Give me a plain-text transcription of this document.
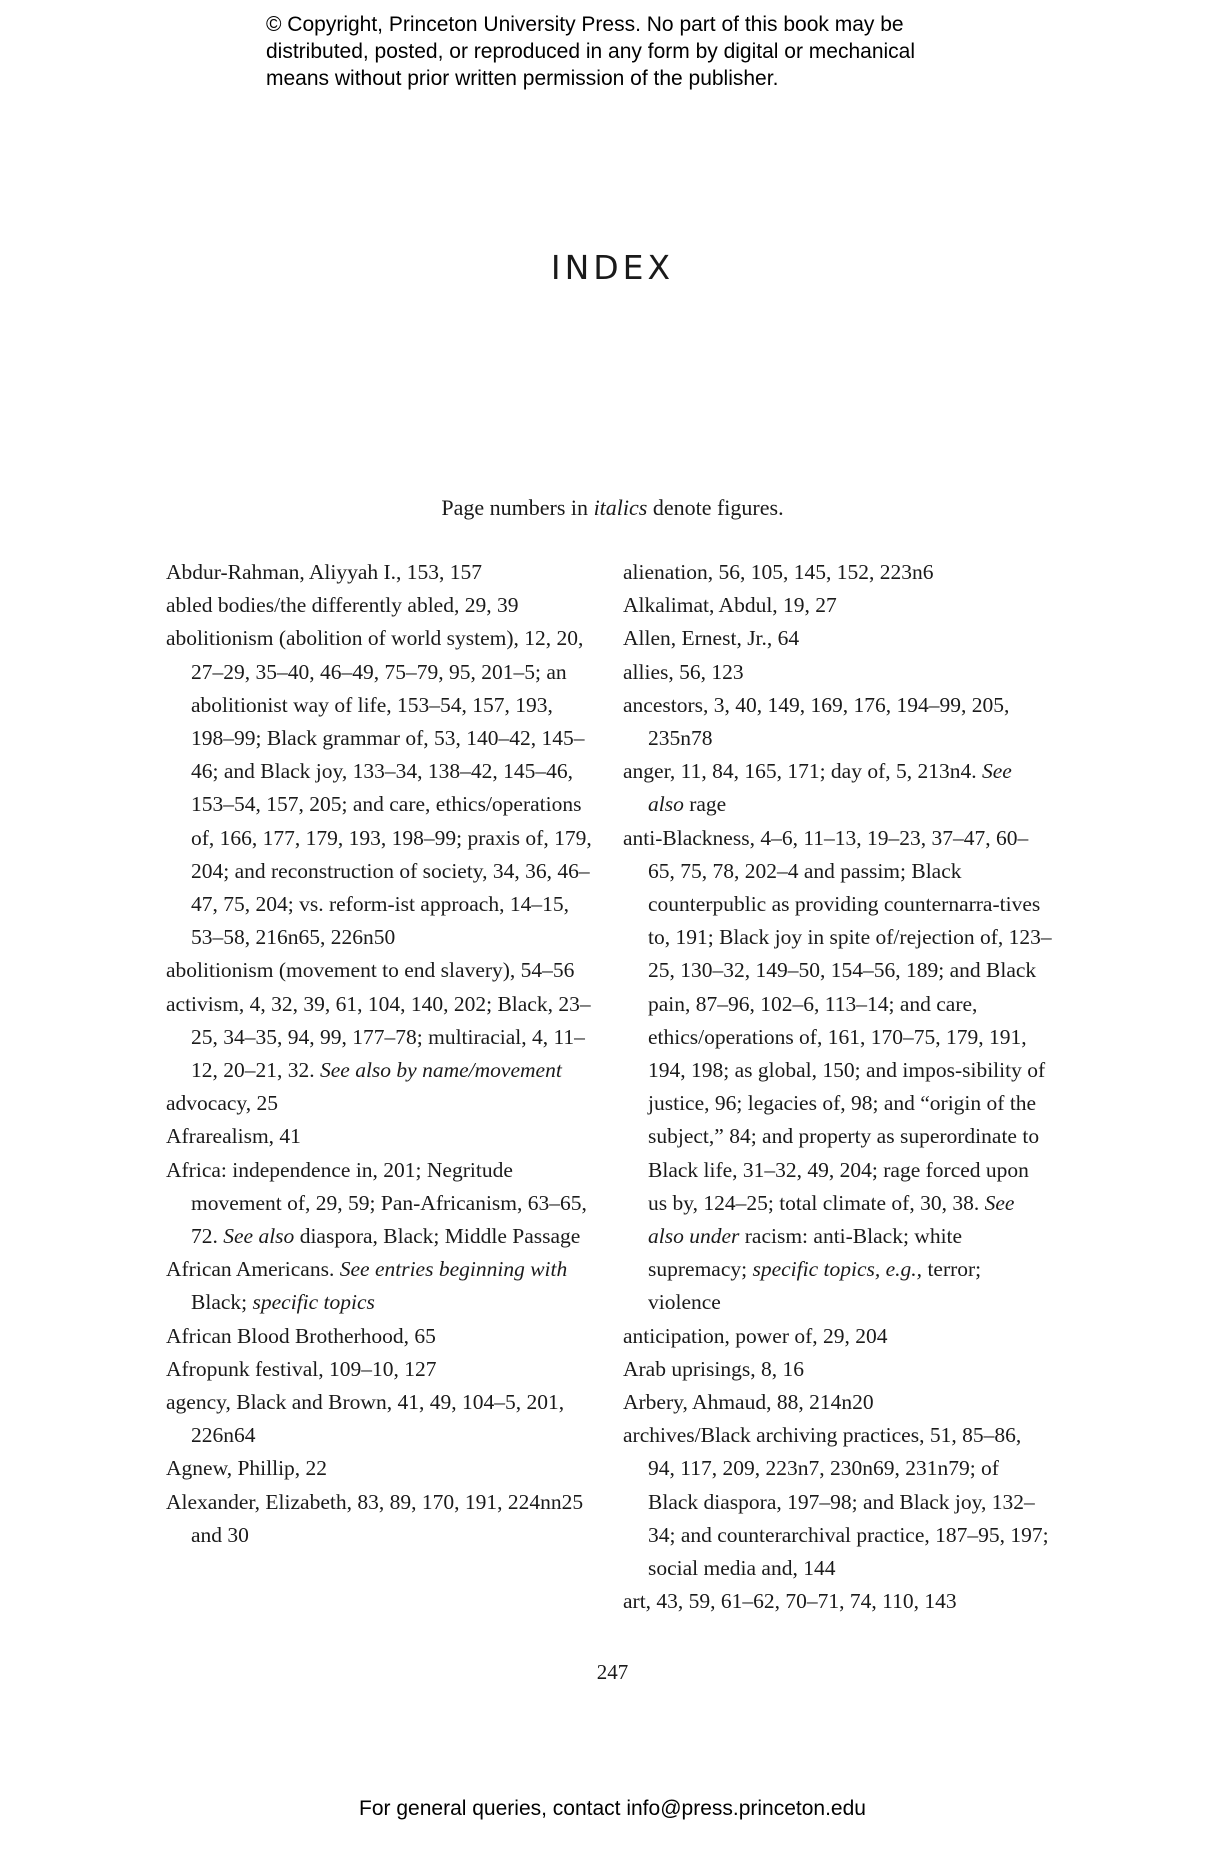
© Copyright, Princeton University Press. No part of this book may be
distributed, posted, or reproduced in any form by digital or mechanical
means without prior written permission of the publisher.
INDEX
Page numbers in italics denote figures.

Abdur-Rahman, Aliyyah I., 153, 157

abled bodies/the differently abled, 29, 39

abolitionism (abolition of world system), 12, 20, 27–29, 35–40, 46–49, 75–79, 95, 201–5; an abolitionist way of life, 153–54, 157, 193, 198–99; Black grammar of, 53, 140–42, 145–46; and Black joy, 133–34, 138–42, 145–46, 153–54, 157, 205; and care, ethics/operations of, 166, 177, 179, 193, 198–99; praxis of, 179, 204; and reconstruction of society, 34, 36, 46–47, 75, 204; vs. reform-ist approach, 14–15, 53–58, 216n65, 226n50

abolitionism (movement to end slavery), 54–56

activism, 4, 32, 39, 61, 104, 140, 202; Black, 23–25, 34–35, 94, 99, 177–78; multiracial, 4, 11–12, 20–21, 32. See also by name/movement

advocacy, 25

Afrarealism, 41

Africa: independence in, 201; Negritude movement of, 29, 59; Pan-Africanism, 63–65, 72. See also diaspora, Black; Middle Passage

African Americans. See entries beginning with Black; specific topics

African Blood Brotherhood, 65

Afropunk festival, 109–10, 127

agency, Black and Brown, 41, 49, 104–5, 201, 226n64

Agnew, Phillip, 22

Alexander, Elizabeth, 83, 89, 170, 191, 224nn25 and 30

alienation, 56, 105, 145, 152, 223n6

Alkalimat, Abdul, 19, 27

Allen, Ernest, Jr., 64

allies, 56, 123

ancestors, 3, 40, 149, 169, 176, 194–99, 205, 235n78

anger, 11, 84, 165, 171; day of, 5, 213n4. See also rage

anti-Blackness, 4–6, 11–13, 19–23, 37–47, 60–65, 75, 78, 202–4 and passim; Black counterpublic as providing counternarra-tives to, 191; Black joy in spite of/rejection of, 123–25, 130–32, 149–50, 154–56, 189; and Black pain, 87–96, 102–6, 113–14; and care, ethics/operations of, 161, 170–75, 179, 191, 194, 198; as global, 150; and impos-sibility of justice, 96; legacies of, 98; and “origin of the subject,” 84; and property as superordinate to Black life, 31–32, 49, 204; rage forced upon us by, 124–25; total climate of, 30, 38. See also under racism: anti-Black; white supremacy; specific topics, e.g., terror; violence

anticipation, power of, 29, 204

Arab uprisings, 8, 16

Arbery, Ahmaud, 88, 214n20

archives/Black archiving practices, 51, 85–86, 94, 117, 209, 223n7, 230n69, 231n79; of Black diaspora, 197–98; and Black joy, 132–34; and counterarchival practice, 187–95, 197; social media and, 144

art, 43, 59, 61–62, 70–71, 74, 110, 143

247
For general queries, contact info@press.princeton.edu
